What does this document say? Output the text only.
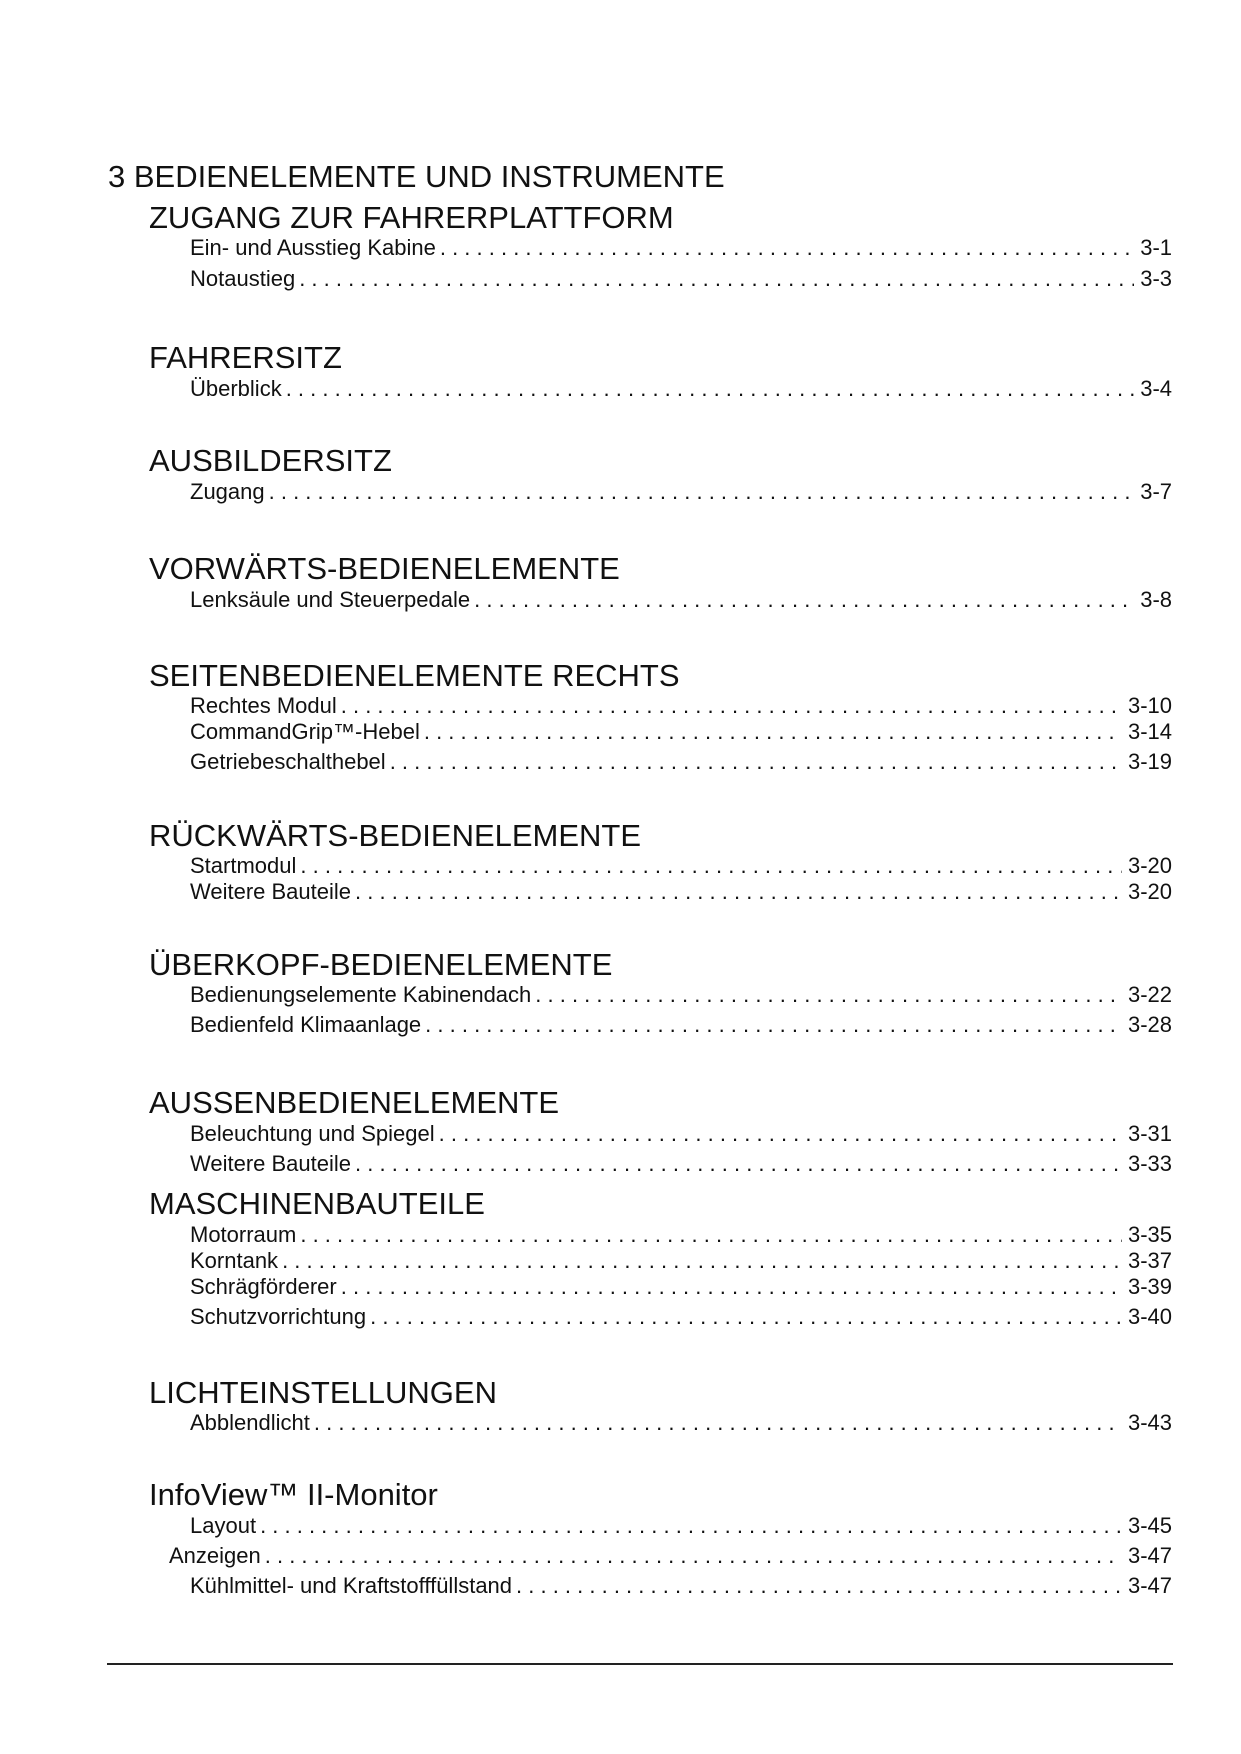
3 BEDIENELEMENTE UND INSTRUMENTE
ZUGANG ZUR FAHRERPLATTFORM
Ein- und Ausstieg Kabine . . .	3-1
Notaustieg . . .	3-3
FAHRERSITZ
Überblick . . .	3-4
AUSBILDERSITZ
Zugang . . .	3-7
VORWÄRTS-BEDIENELEMENTE
Lenksäule und Steuerpedale . . .	3-8
SEITENBEDIENELEMENTE RECHTS
Rechtes Modul . . .	3-10
CommandGrip™-Hebel . . .	3-14
Getriebeschalthebel . . .	3-19
RÜCKWÄRTS-BEDIENELEMENTE
Startmodul . . .	3-20
Weitere Bauteile . . .	3-20
ÜBERKOPF-BEDIENELEMENTE
Bedienungselemente Kabinendach . . .	3-22
Bedienfeld Klimaanlage . . .	3-28
AUSSENBEDIENELEMENTE
Beleuchtung und Spiegel . . .	3-31
Weitere Bauteile . . .	3-33
MASCHINENBAUTEILE
Motorraum . . .	3-35
Korntank . . .	3-37
Schrägförderer . . .	3-39
Schutzvorrichtung . . .	3-40
LICHTEINSTELLUNGEN
Abblendlicht . . .	3-43
InfoView™ II-Monitor
Layout . . .	3-45
Anzeigen . . .	3-47
Kühlmittel- und Kraftstofffüllstand . . .	3-47
